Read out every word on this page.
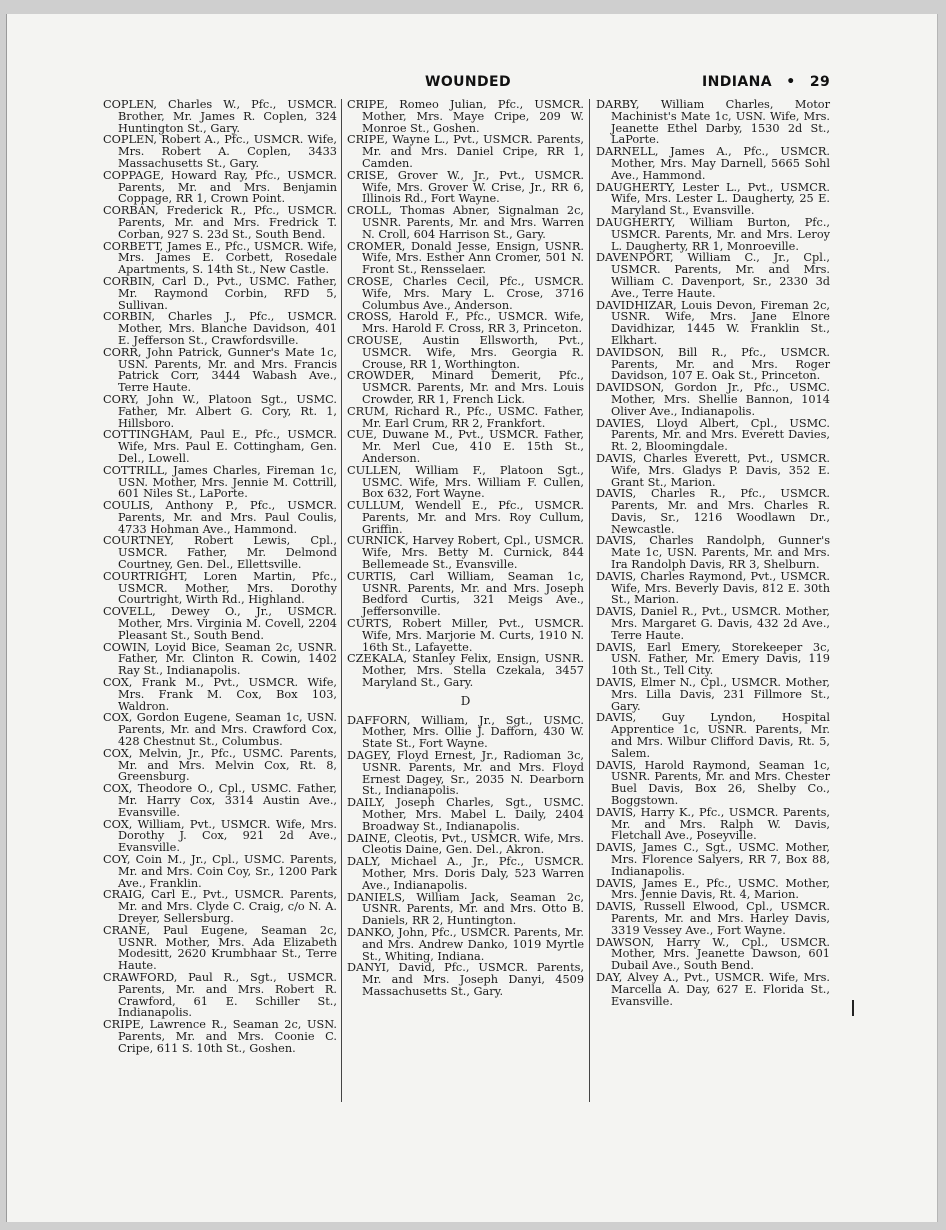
WOUNDED	INDIANA • 29

COPLEN, Charles W., Pfc., USMCR. Brother, Mr. James R. Coplen, 324 Huntington St., Gary.

COPLEN, Robert A., Pfc., USMCR. Wife, Mrs. Robert A. Coplen, 3433 Massachusetts St., Gary.

COPPAGE, Howard Ray, Pfc., USMCR. Parents, Mr. and Mrs. Benjamin Coppage, RR 1, Crown Point.

CORBAN, Frederick R., Pfc., USMCR. Parents, Mr. and Mrs. Fredrick T. Corban, 927 S. 23d St., South Bend.

CORBETT, James E., Pfc., USMCR. Wife, Mrs. James E. Corbett, Rosedale Apartments, S. 14th St., New Castle.

CORBIN, Carl D., Pvt., USMC. Father, Mr. Raymond Corbin, RFD 5, Sullivan.

CORBIN, Charles J., Pfc., USMCR. Mother, Mrs. Blanche Davidson, 401 E. Jefferson St., Crawfordsville.

CORR, John Patrick, Gunner's Mate 1c, USN. Parents, Mr. and Mrs. Francis Patrick Corr, 3444 Wabash Ave., Terre Haute.

CORY, John W., Platoon Sgt., USMC. Father, Mr. Albert G. Cory, Rt. 1, Hillsboro.

COTTINGHAM, Paul E., Pfc., USMCR. Wife, Mrs. Paul E. Cottingham, Gen. Del., Lowell.

COTTRILL, James Charles, Fireman 1c, USN. Mother, Mrs. Jennie M. Cottrill, 601 Niles St., LaPorte.

COULIS, Anthony P., Pfc., USMCR. Parents, Mr. and Mrs. Paul Coulis, 4733 Hohman Ave., Hammond.

COURTNEY, Robert Lewis, Cpl., USMCR. Father, Mr. Delmond Courtney, Gen. Del., Ellettsville.

COURTRIGHT, Loren Martin, Pfc., USMCR. Mother, Mrs. Dorothy Courtright, Wirth Rd., Highland.

COVELL, Dewey O., Jr., USMCR. Mother, Mrs. Virginia M. Covell, 2204 Pleasant St., South Bend.

COWIN, Loyid Bice, Seaman 2c, USNR. Father, Mr. Clinton R. Cowin, 1402 Ray St., Indianapolis.

COX, Frank M., Pvt., USMCR. Wife, Mrs. Frank M. Cox, Box 103, Waldron.

COX, Gordon Eugene, Seaman 1c, USN. Parents, Mr. and Mrs. Crawford Cox, 428 Chestnut St., Columbus.

COX, Melvin, Jr., Pfc., USMC. Parents, Mr. and Mrs. Melvin Cox, Rt. 8, Greensburg.

COX, Theodore O., Cpl., USMC. Father, Mr. Harry Cox, 3314 Austin Ave., Evansville.

COX, William, Pvt., USMCR. Wife, Mrs. Dorothy J. Cox, 921 2d Ave., Evansville.

COY, Coin M., Jr., Cpl., USMC. Parents, Mr. and Mrs. Coin Coy, Sr., 1200 Park Ave., Franklin.

CRAIG, Carl E., Pvt., USMCR. Parents, Mr. and Mrs. Clyde C. Craig, c/o N. A. Dreyer, Sellersburg.

CRANE, Paul Eugene, Seaman 2c, USNR. Mother, Mrs. Ada Elizabeth Modesitt, 2620 Krumbhaar St., Terre Haute.

CRAWFORD, Paul R., Sgt., USMCR. Parents, Mr. and Mrs. Robert R. Crawford, 61 E. Schiller St., Indianapolis.

CRIPE, Lawrence R., Seaman 2c, USN. Parents, Mr. and Mrs. Coonie C. Cripe, 611 S. 10th St., Goshen.

CRIPE, Romeo Julian, Pfc., USMCR. Mother, Mrs. Maye Cripe, 209 W. Monroe St., Goshen.

CRIPE, Wayne L., Pvt., USMCR. Parents, Mr. and Mrs. Daniel Cripe, RR 1, Camden.

CRISE, Grover W., Jr., Pvt., USMCR. Wife, Mrs. Grover W. Crise, Jr., RR 6, Illinois Rd., Fort Wayne.

CROLL, Thomas Abner, Signalman 2c, USNR. Parents, Mr. and Mrs. Warren N. Croll, 604 Harrison St., Gary.

CROMER, Donald Jesse, Ensign, USNR. Wife, Mrs. Esther Ann Cromer, 501 N. Front St., Rensselaer.

CROSE, Charles Cecil, Pfc., USMCR. Wife, Mrs. Mary L. Crose, 3716 Columbus Ave., Anderson.

CROSS, Harold F., Pfc., USMCR. Wife, Mrs. Harold F. Cross, RR 3, Princeton.

CROUSE, Austin Ellsworth, Pvt., USMCR. Wife, Mrs. Georgia R. Crouse, RR 1, Worthington.

CROWDER, Minard Demerit, Pfc., USMCR. Parents, Mr. and Mrs. Louis Crowder, RR 1, French Lick.

CRUM, Richard R., Pfc., USMC. Father, Mr. Earl Crum, RR 2, Frankfort.

CUE, Duwane M., Pvt., USMCR. Father, Mr. Merl Cue, 410 E. 15th St., Anderson.

CULLEN, William F., Platoon Sgt., USMC. Wife, Mrs. William F. Cullen, Box 632, Fort Wayne.

CULLUM, Wendell E., Pfc., USMCR. Parents, Mr. and Mrs. Roy Cullum, Griffin.

CURNICK, Harvey Robert, Cpl., USMCR. Wife, Mrs. Betty M. Curnick, 844 Bellemeade St., Evansville.

CURTIS, Carl William, Seaman 1c, USNR. Parents, Mr. and Mrs. Joseph Bedford Curtis, 321 Meigs Ave., Jeffersonville.

CURTS, Robert Miller, Pvt., USMCR. Wife, Mrs. Marjorie M. Curts, 1910 N. 16th St., Lafayette.

CZEKALA, Stanley Felix, Ensign, USNR. Mother, Mrs. Stella Czekala, 3457 Maryland St., Gary.

D

DAFFORN, William, Jr., Sgt., USMC. Mother, Mrs. Ollie J. Dafforn, 430 W. State St., Fort Wayne.

DAGEY, Floyd Ernest, Jr., Radioman 3c, USNR. Parents, Mr. and Mrs. Floyd Ernest Dagey, Sr., 2035 N. Dearborn St., Indianapolis.

DAILY, Joseph Charles, Sgt., USMC. Mother, Mrs. Mabel L. Daily, 2404 Broadway St., Indianapolis.

DAINE, Cleotis, Pvt., USMCR. Wife, Mrs. Cleotis Daine, Gen. Del., Akron.

DALY, Michael A., Jr., Pfc., USMCR. Mother, Mrs. Doris Daly, 523 Warren Ave., Indianapolis.

DANIELS, William Jack, Seaman 2c, USNR. Parents, Mr. and Mrs. Otto B. Daniels, RR 2, Huntington.

DANKO, John, Pfc., USMCR. Parents, Mr. and Mrs. Andrew Danko, 1019 Myrtle St., Whiting, Indiana.

DANYI, David, Pfc., USMCR. Parents, Mr. and Mrs. Joseph Danyi, 4509 Massachusetts St., Gary.

DARBY, William Charles, Motor Machinist's Mate 1c, USN. Wife, Mrs. Jeanette Ethel Darby, 1530 2d St., LaPorte.

DARNELL, James A., Pfc., USMCR. Mother, Mrs. May Darnell, 5665 Sohl Ave., Hammond.

DAUGHERTY, Lester L., Pvt., USMCR. Wife, Mrs. Lester L. Daugherty, 25 E. Maryland St., Evansville.

DAUGHERTY, William Burton, Pfc., USMCR. Parents, Mr. and Mrs. Leroy L. Daugherty, RR 1, Monroeville.

DAVENPORT, William C., Jr., Cpl., USMCR. Parents, Mr. and Mrs. William C. Davenport, Sr., 2330 3d Ave., Terre Haute.

DAVIDHIZAR, Louis Devon, Fireman 2c, USNR. Wife, Mrs. Jane Elnore Davidhizar, 1445 W. Franklin St., Elkhart.

DAVIDSON, Bill R., Pfc., USMCR. Parents, Mr. and Mrs. Roger Davidson, 107 E. Oak St., Princeton.

DAVIDSON, Gordon Jr., Pfc., USMC. Mother, Mrs. Shellie Bannon, 1014 Oliver Ave., Indianapolis.

DAVIES, Lloyd Albert, Cpl., USMC. Parents, Mr. and Mrs. Everett Davies, Rt. 2, Bloomingdale.

DAVIS, Charles Everett, Pvt., USMCR. Wife, Mrs. Gladys P. Davis, 352 E. Grant St., Marion.

DAVIS, Charles R., Pfc., USMCR. Parents, Mr. and Mrs. Charles R. Davis, Sr., 1216 Woodlawn Dr., Newcastle.

DAVIS, Charles Randolph, Gunner's Mate 1c, USN. Parents, Mr. and Mrs. Ira Randolph Davis, RR 3, Shelburn.

DAVIS, Charles Raymond, Pvt., USMCR. Wife, Mrs. Beverly Davis, 812 E. 30th St., Marion.

DAVIS, Daniel R., Pvt., USMCR. Mother, Mrs. Margaret G. Davis, 432 2d Ave., Terre Haute.

DAVIS, Earl Emery, Storekeeper 3c, USN. Father, Mr. Emery Davis, 119 10th St., Tell City.

DAVIS, Elmer N., Cpl., USMCR. Mother, Mrs. Lilla Davis, 231 Fillmore St., Gary.

DAVIS, Guy Lyndon, Hospital Apprentice 1c, USNR. Parents, Mr. and Mrs. Wilbur Clifford Davis, Rt. 5, Salem.

DAVIS, Harold Raymond, Seaman 1c, USNR. Parents, Mr. and Mrs. Chester Buel Davis, Box 26, Shelby Co., Boggstown.

DAVIS, Harry K., Pfc., USMCR. Parents, Mr. and Mrs. Ralph W. Davis, Fletchall Ave., Poseyville.

DAVIS, James C., Sgt., USMC. Mother, Mrs. Florence Salyers, RR 7, Box 88, Indianapolis.

DAVIS, James E., Pfc., USMC. Mother, Mrs. Jennie Davis, Rt. 4, Marion.

DAVIS, Russell Elwood, Cpl., USMCR. Parents, Mr. and Mrs. Harley Davis, 3319 Vessey Ave., Fort Wayne.

DAWSON, Harry W., Cpl., USMCR. Mother, Mrs. Jeanette Dawson, 601 Dubail Ave., South Bend.

DAY, Alvey A., Pvt., USMCR. Wife, Mrs. Marcella A. Day, 627 E. Florida St., Evansville.
